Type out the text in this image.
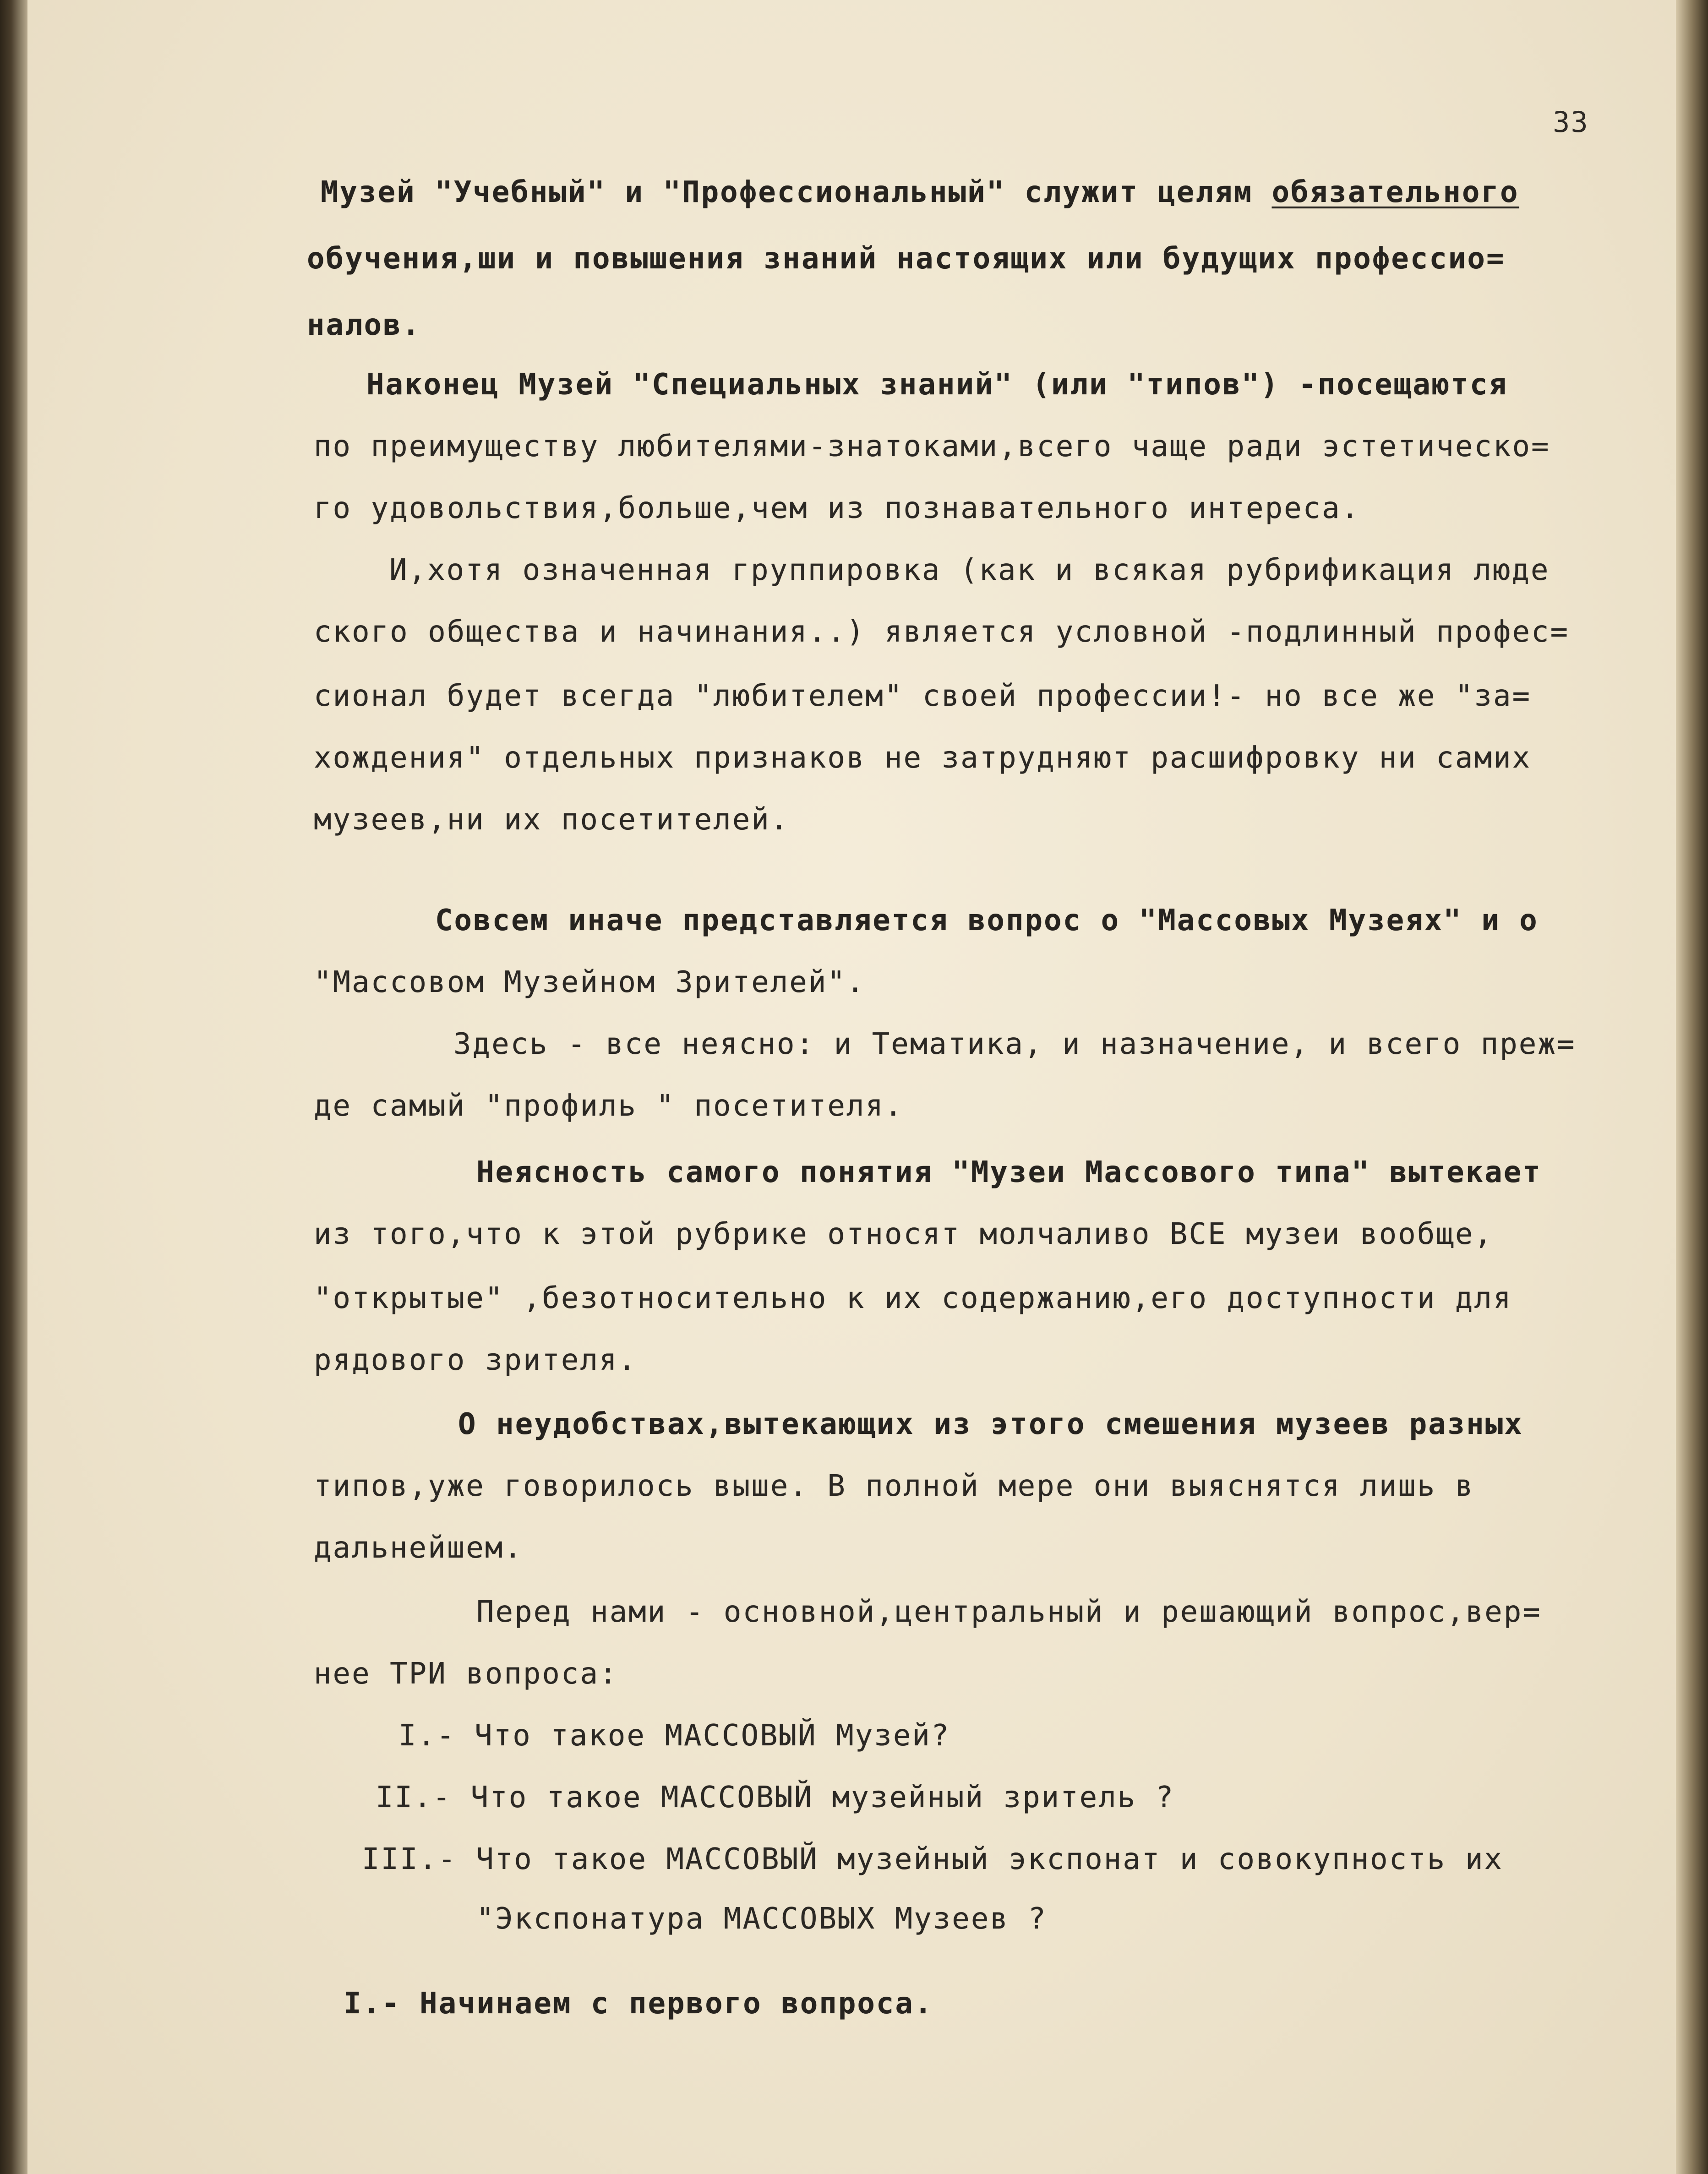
33

Музей "Учебный" и "Профессиональный" служит целям обязательного

обучения,ши и повышения знаний настоящих или будущих профессио=

налов.

Наконец Музей "Специальных знаний" (или "типов") -посещаются

по преимуществу любителями-знатоками,всего чаще ради эстетическо=

го удовольствия,больше,чем из познавательного интереса.

И,хотя означенная группировка (как и всякая рубрификация люде

ского общества и начинания..) является условной -подлинный профес=

сионал будет всегда "любителем" своей профессии!- но все же "за=

хождения" отдельных признаков не затрудняют расшифровку ни самих

музеев,ни их посетителей.

Совсем иначе представляется вопрос о "Массовых Музеях" и о

"Массовом Музейном Зрителей".

Здесь - все неясно: и Тематика, и назначение, и всего преж=

де самый "профиль " посетителя.

Неясность самого понятия "Музеи Массового типа" вытекает

из того,что к этой рубрике относят молчаливо ВСЕ музеи вообще,

"открытые" ,безотносительно к их содержанию,его доступности для

рядового зрителя.

О неудобствах,вытекающих из этого смешения музеев разных

типов,уже говорилось выше. В полной мере они выяснятся лишь в

дальнейшем.

Перед нами - основной,центральный и решающий вопрос,вер=

нее ТРИ вопроса:

I.- Что такое МАССОВЫЙ Музей?

II.- Что такое МАССОВЫЙ музейный зритель ?

III.- Что такое МАССОВЫЙ музейный экспонат и совокупность их

"Экспонатура МАССОВЫХ Музеев ?

I.- Начинаем с первого вопроса.
